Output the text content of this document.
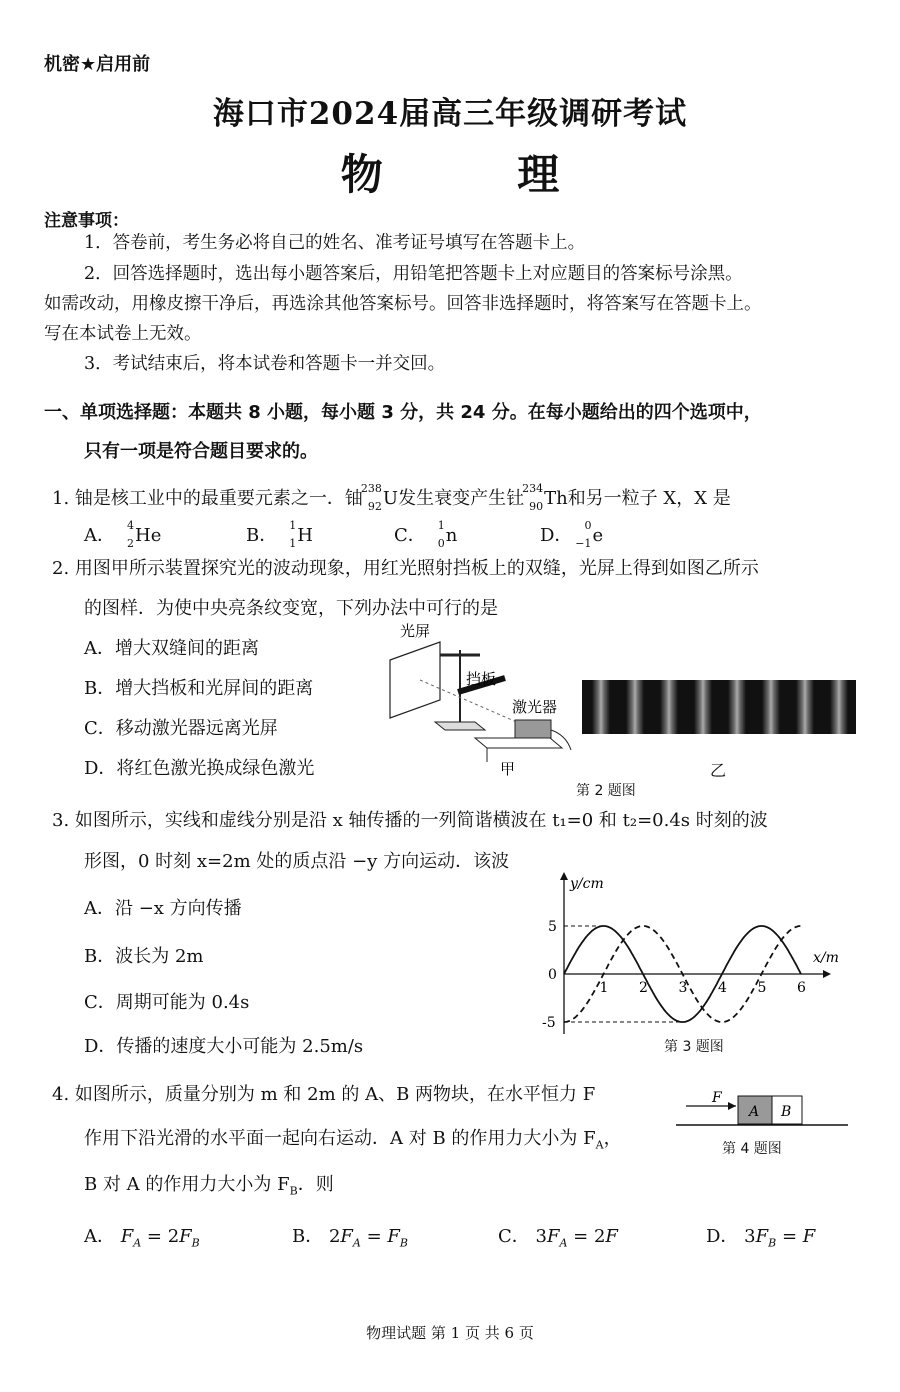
机密★启用前
海口市2024届高三年级调研考试
物 理
注意事项：
1．答卷前，考生务必将自己的姓名、准考证号填写在答题卡上。
2．回答选择题时，选出每小题答案后，用铅笔把答题卡上对应题目的答案标号涂黑。
如需改动，用橡皮擦干净后，再选涂其他答案标号。回答非选择题时，将答案写在答题卡上。
写在本试卷上无效。
3．考试结束后，将本试卷和答题卡一并交回。
一、单项选择题：本题共 8 小题，每小题 3 分，共 24 分。在每小题给出的四个选项中，
只有一项是符合题目要求的。
1. 铀是核工业中的最重要元素之一．铀
238
92 U发生衰变产生钍
234
90 Th和另一粒子 X，X 是
A． 4
2 He	B． 1
1 H	C． 1
0 n	D． 0
−1 e
2. 用图甲所示装置探究光的波动现象，用红光照射挡板上的双缝，光屏上得到如图乙所示
的图样．为使中央亮条纹变宽，下列办法中可行的是
A．增大双缝间的距离
B．增大挡板和光屏间的距离
C．移动激光器远离光屏
D．将红色激光换成绿色激光
光屏
挡板
激光器
甲	乙
第 2 题图
3. 如图所示，实线和虚线分别是沿 x 轴传播的一列简谐横波在 t₁=0 和 t₂=0.4s 时刻的波
形图，0 时刻 x=2m 处的质点沿 −y 方向运动．该波
A．沿 −x 方向传播
B．波长为 2m
C．周期可能为 0.4s
D．传播的速度大小可能为 2.5m/s
x/m
y/cm
1 2 3 4 5 6
5
0
-5
第 3 题图
4. 如图所示，质量分别为 m 和 2m 的 A、B 两物块，在水平恒力 F
作用下沿光滑的水平面一起向右运动．A 对 B 的作用力大小为 $F_A$，
B 对 A 的作用力大小为 $F_B$．则
F
A B
第 4 题图
A． $F_A = 2F_B$	B． $2F_A = F_B$	C． $3F_A = 2F$	D． $3F_B = F$
物理试题 第 1 页 共 6 页
